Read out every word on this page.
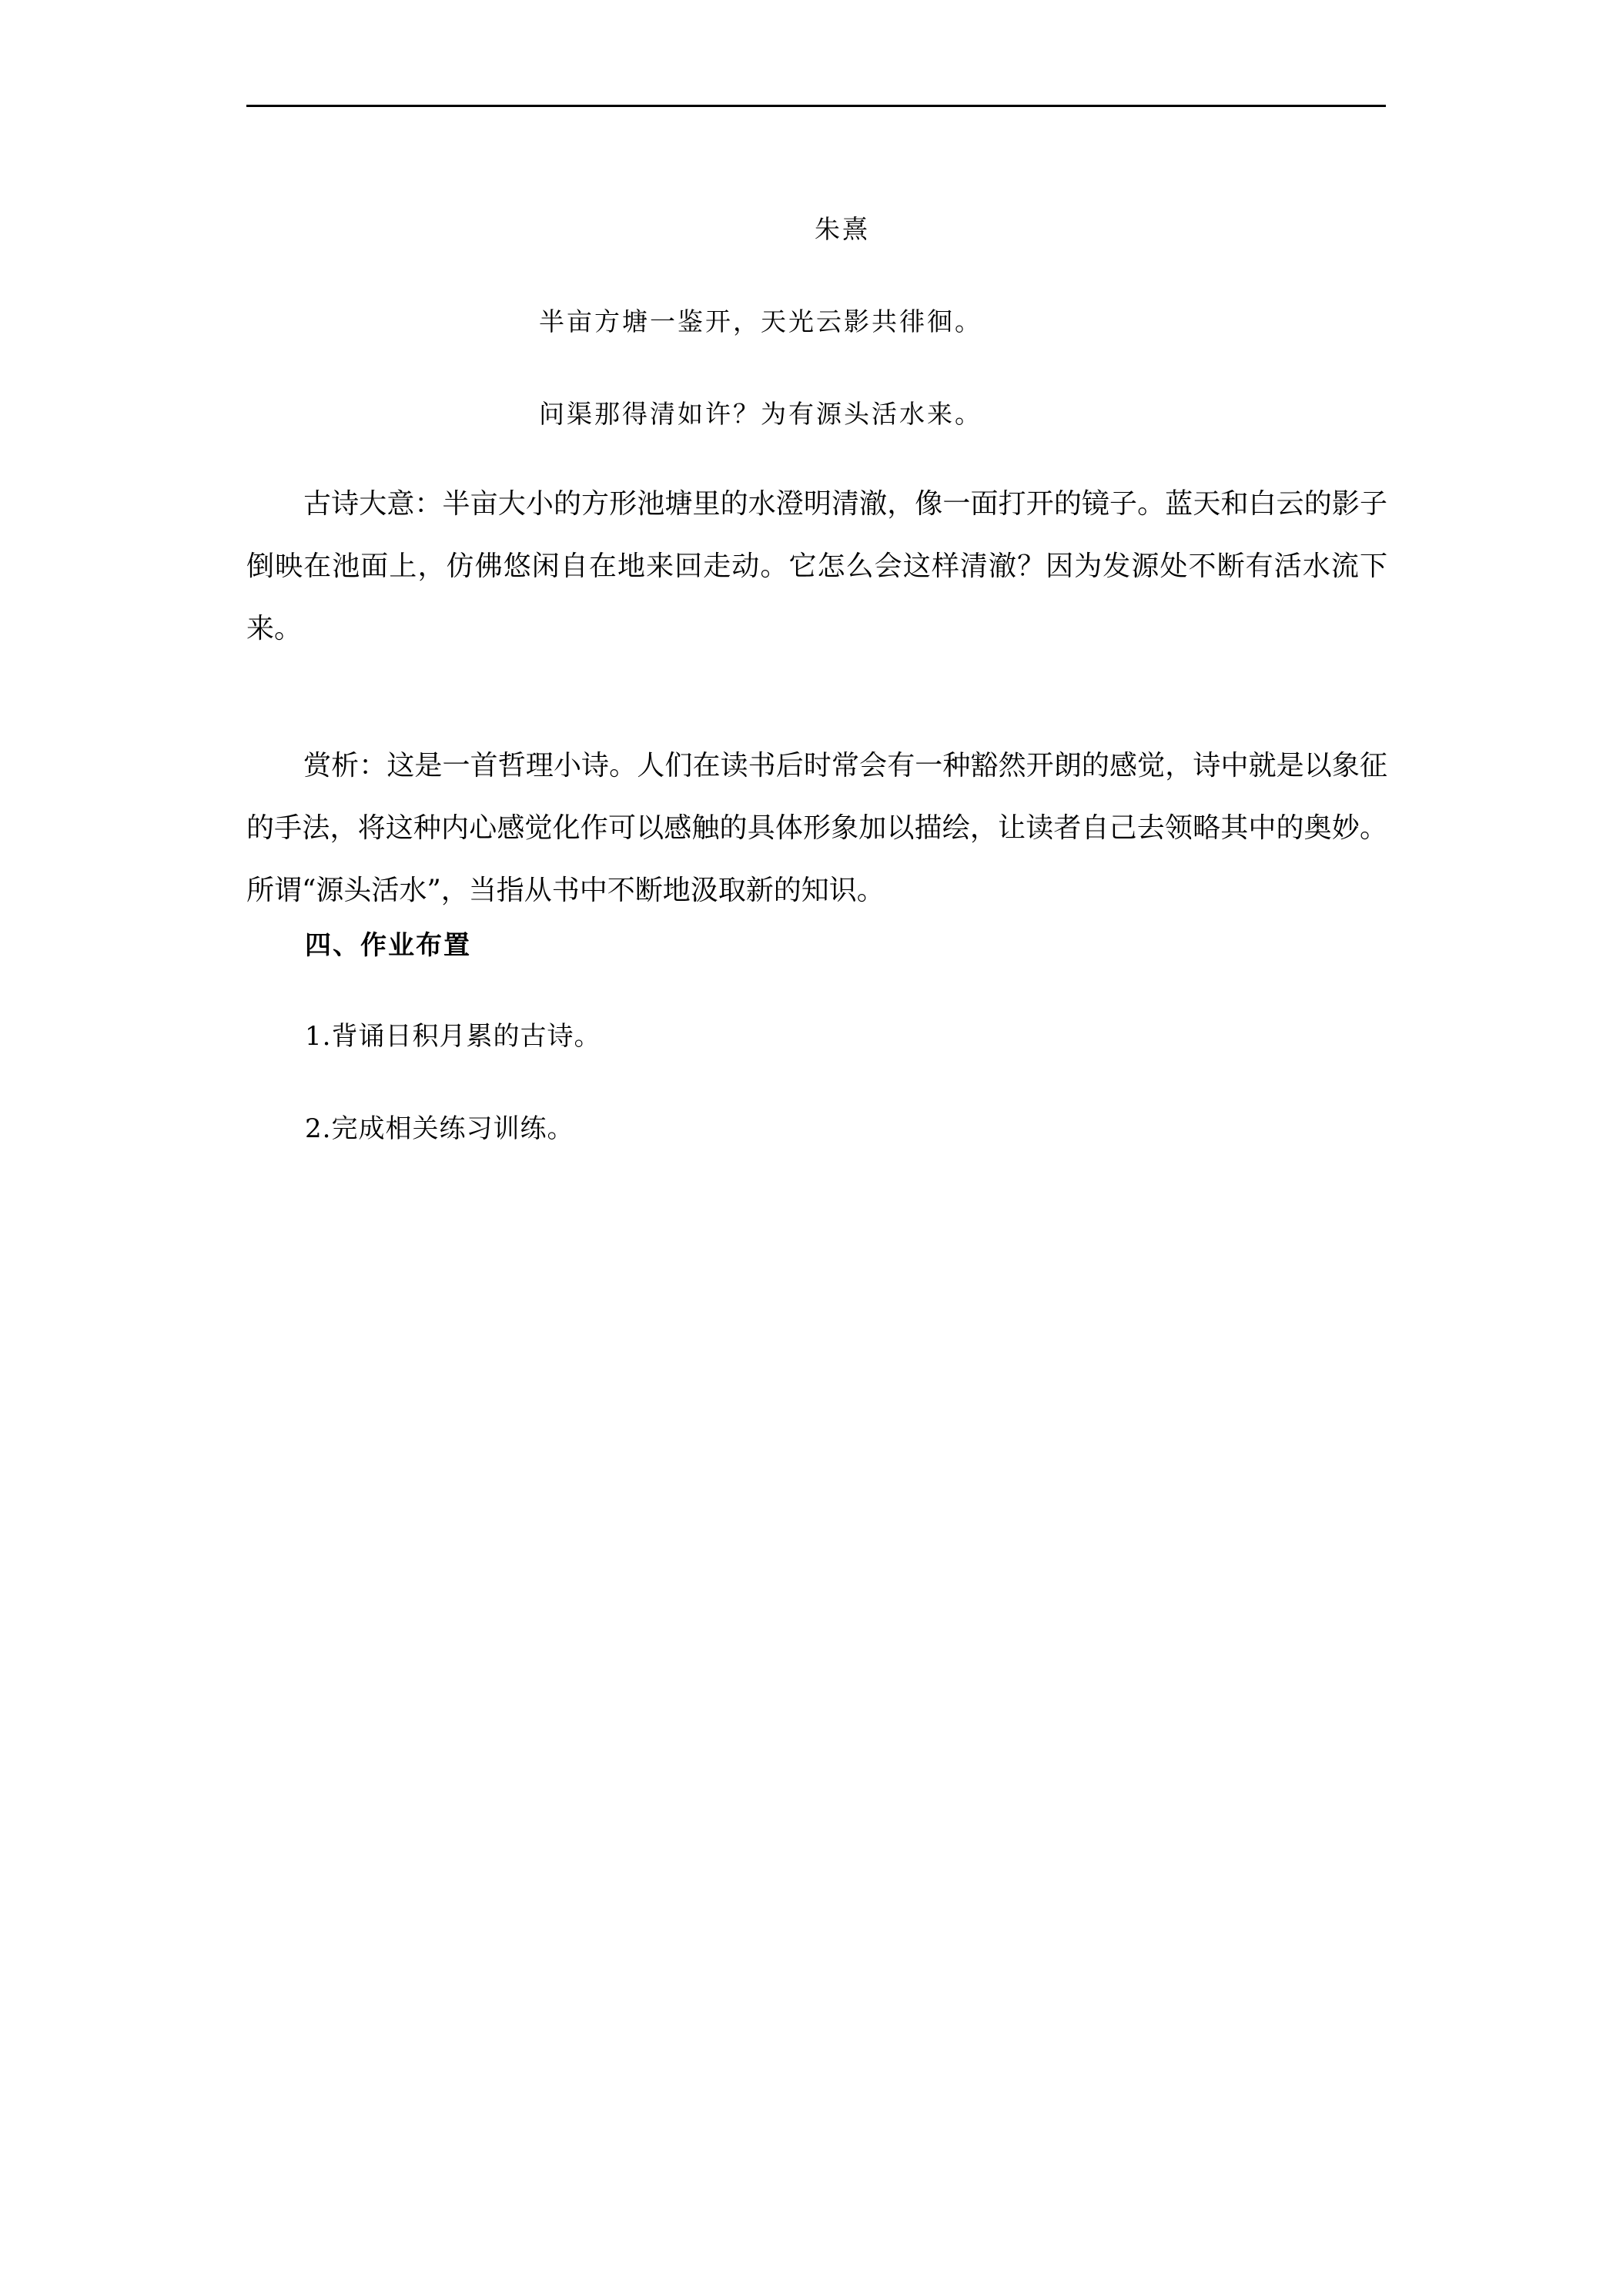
朱熹

半亩方塘一鉴开，天光云影共徘徊。

问渠那得清如许？为有源头活水来。

古诗大意：半亩大小的方形池塘里的水澄明清澈，像一面打开的镜子。蓝天和白云的影子倒映在池面上，仿佛悠闲自在地来回走动。它怎么会这样清澈？因为发源处不断有活水流下来。

赏析：这是一首哲理小诗。人们在读书后时常会有一种豁然开朗的感觉，诗中就是以象征的手法，将这种内心感觉化作可以感触的具体形象加以描绘，让读者自己去领略其中的奥妙。所谓“源头活水”，当指从书中不断地汲取新的知识。

四、作业布置

1.背诵日积月累的古诗。

2.完成相关练习训练。
